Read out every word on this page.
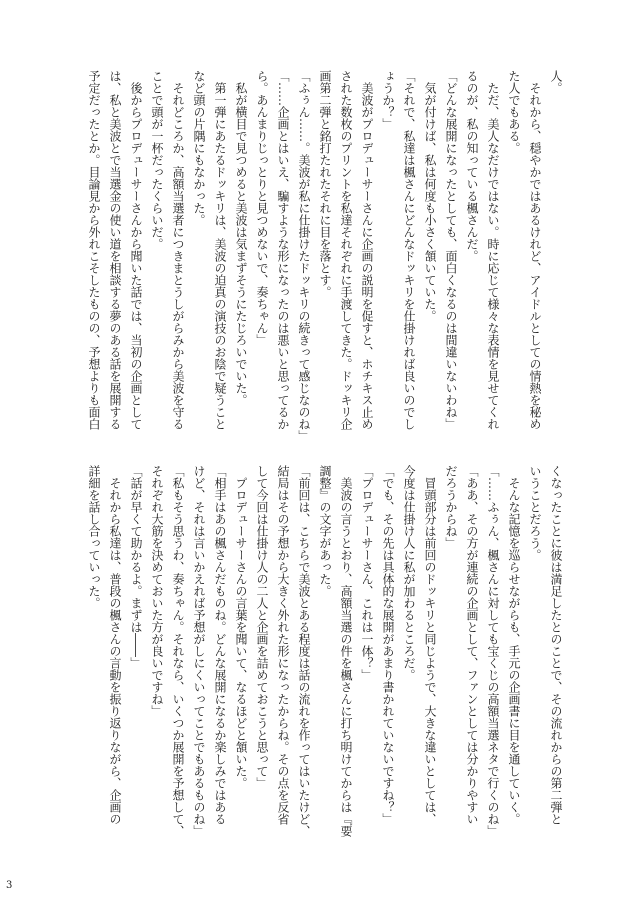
人。

　それから、穏やかではあるけれど、アイドルとしての情熱を秘め

た人でもある。

　ただ、美人なだけではない。時に応じて様々な表情を見せてくれ

るのが、私の知っている楓さんだ。

「どんな展開になったとしても、面白くなるのは間違いないわね」

　気が付けば、私は何度も小さく頷いていた。

「それで、私達は楓さんにどんなドッキリを仕掛ければ良いのでし

ょうか？」

　美波がプロデューサーさんに企画の説明を促すと、ホチキス止め

された数枚のプリントを私達それぞれに手渡してきた。ドッキリ企

画第二弾と銘打たれたそれに目を落とす。

「ふぅん……。美波が私に仕掛けたドッキリの続きって感じなのね」

「……企画とはいえ、騙すような形になったのは悪いと思ってるか

ら。あんまりじっとりと見つめないで、奏ちゃん」

　私が横目で見つめると美波は気まずそうにたじろいでいた。

　第一弾にあたるドッキリは、美波の迫真の演技のお陰で疑うこと

など頭の片隅にもなかった。

　それどころか、高額当選者につきまとうしがらみから美波を守る

ことで頭が一杯だったくらいだ。

　後からプロデューサーさんから聞いた話では、当初の企画として

は、私と美波とで当選金の使い道を相談する夢のある話を展開する

予定だったとか。目論見から外れこそしたものの、予想よりも面白

くなったことに彼は満足したとのことで、その流れからの第二弾と

いうことだろう。

　そんな記憶を巡らせながらも、手元の企画書に目を通していく。

「……ふぅん、楓さんに対しても宝くじの高額当選ネタで行くのね」

「ああ、その方が連続の企画として、ファンとしては分かりやすい

だろうからね」

　冒頭部分は前回のドッキリと同じようで、大きな違いとしては、

今度は仕掛け人に私が加わるところだ。

「でも、その先は具体的な展開があまり書かれていないですね？」

「プロデューサーさん、これは一体？」

　美波の言うとおり、高額当選の件を楓さんに打ち明けてからは『要

調整』の文字があった。

「前回は、こちらで美波とある程度は話の流れを作ってはいたけど、

結局はその予想から大きく外れた形になったからね。その点を反省

して今回は仕掛け人の二人と企画を詰めておこうと思って」

　プロデューサーさんの言葉を聞いて、なるほどと頷いた。

「相手はあの楓さんだものね。どんな展開になるか楽しみではある

けど、それは言いかえれば予想がしにくいってことでもあるものね」

「私もそう思うわ、奏ちゃん。それなら、いくつか展開を予想して、

それぞれ大筋を決めておいた方が良いですね」

「話が早くて助かるよ。まずは――」

　それから私達は、普段の楓さんの言動を振り返りながら、企画の

詳細を話し合っていった。

3
